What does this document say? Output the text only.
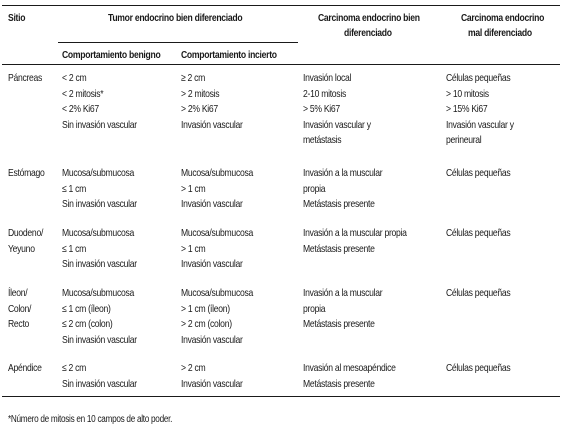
Sitio	Tumor endocrino bien diferenciado	Carcinoma endocrino bien
diferenciado
Carcinoma endocrino
mal diferenciado
Comportamiento benigno Comportamiento incierto
Páncreas < 2 cm
< 2 mitosis*
< 2% Ki67
Sin invasión vascular
≥ 2 cm
> 2 mitosis
> 2% Ki67
Invasión vascular
Invasión local
2-10 mitosis
> 5% Ki67
Invasión vascular y
metástasis
Células pequeñas
> 10 mitosis
> 15% Ki67
Invasión vascular y
perineural
Estómago Mucosa/submucosa
≤ 1 cm
Sin invasión vascular
Mucosa/submucosa
> 1 cm
Invasión vascular
Invasión a la muscular
propia
Metástasis presente
Células pequeñas
Duodeno/
Yeyuno
Mucosa/submucosa
≤ 1 cm
Sin invasión vascular
Mucosa/submucosa
> 1 cm
Invasión vascular
Invasión a la muscular propia
Metástasis presente
Células pequeñas
Íleon/
Colon/
Recto
Mucosa/submucosa
≤ 1 cm (íleon)
≤ 2 cm (colon)
Sin invasión vascular
Mucosa/submucosa
> 1 cm (íleon)
> 2 cm (colon)
Invasión vascular
Invasión a la muscular
propia
Metástasis presente
Células pequeñas
Apéndice ≤ 2 cm
Sin invasión vascular
> 2 cm
Invasión vascular
Invasión al mesoapéndice
Metástasis presente
Células pequeñas
*Número de mitosis en 10 campos de alto poder.
